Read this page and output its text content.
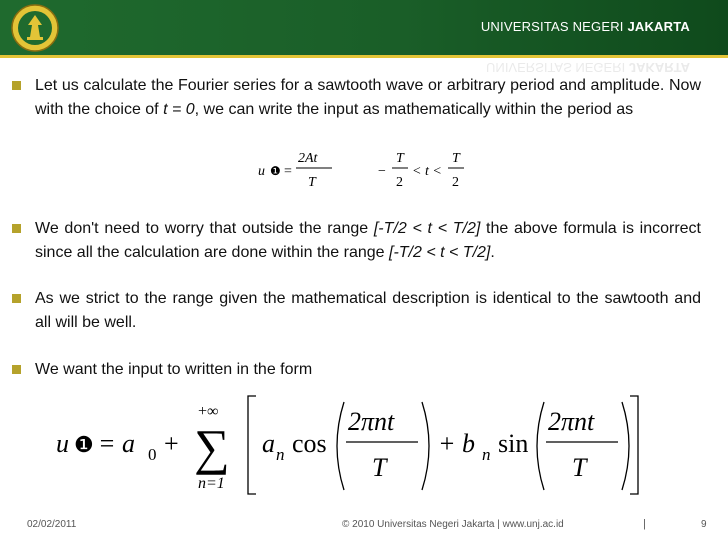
UNIVERSITAS NEGERI JAKARTA
UNIVERSITAS NEGERI JAKARTA
Let us calculate the Fourier series for a sawtooth wave or arbitrary period and amplitude. Now with the choice of t = 0, we can write the input as mathematically within the period as
u ❶ =
2At
T
−
T
2
< t <
T
2
We don't need to worry that outside the range [-T/2 < t < T/2] the above formula is incorrect since all the calculation are done within the range [-T/2 < t < T/2].
As we strict to the range given the mathematical description is identical to the sawtooth and all will be well.
We want the input to written in the form
u ❶ = a 0 +
+∞
∑
n=1
a n cos
2πnt
T
+ b n sin
2πnt
T
02/02/2011	© 2010 Universitas Negeri Jakarta | www.unj.ac.id	|	9
